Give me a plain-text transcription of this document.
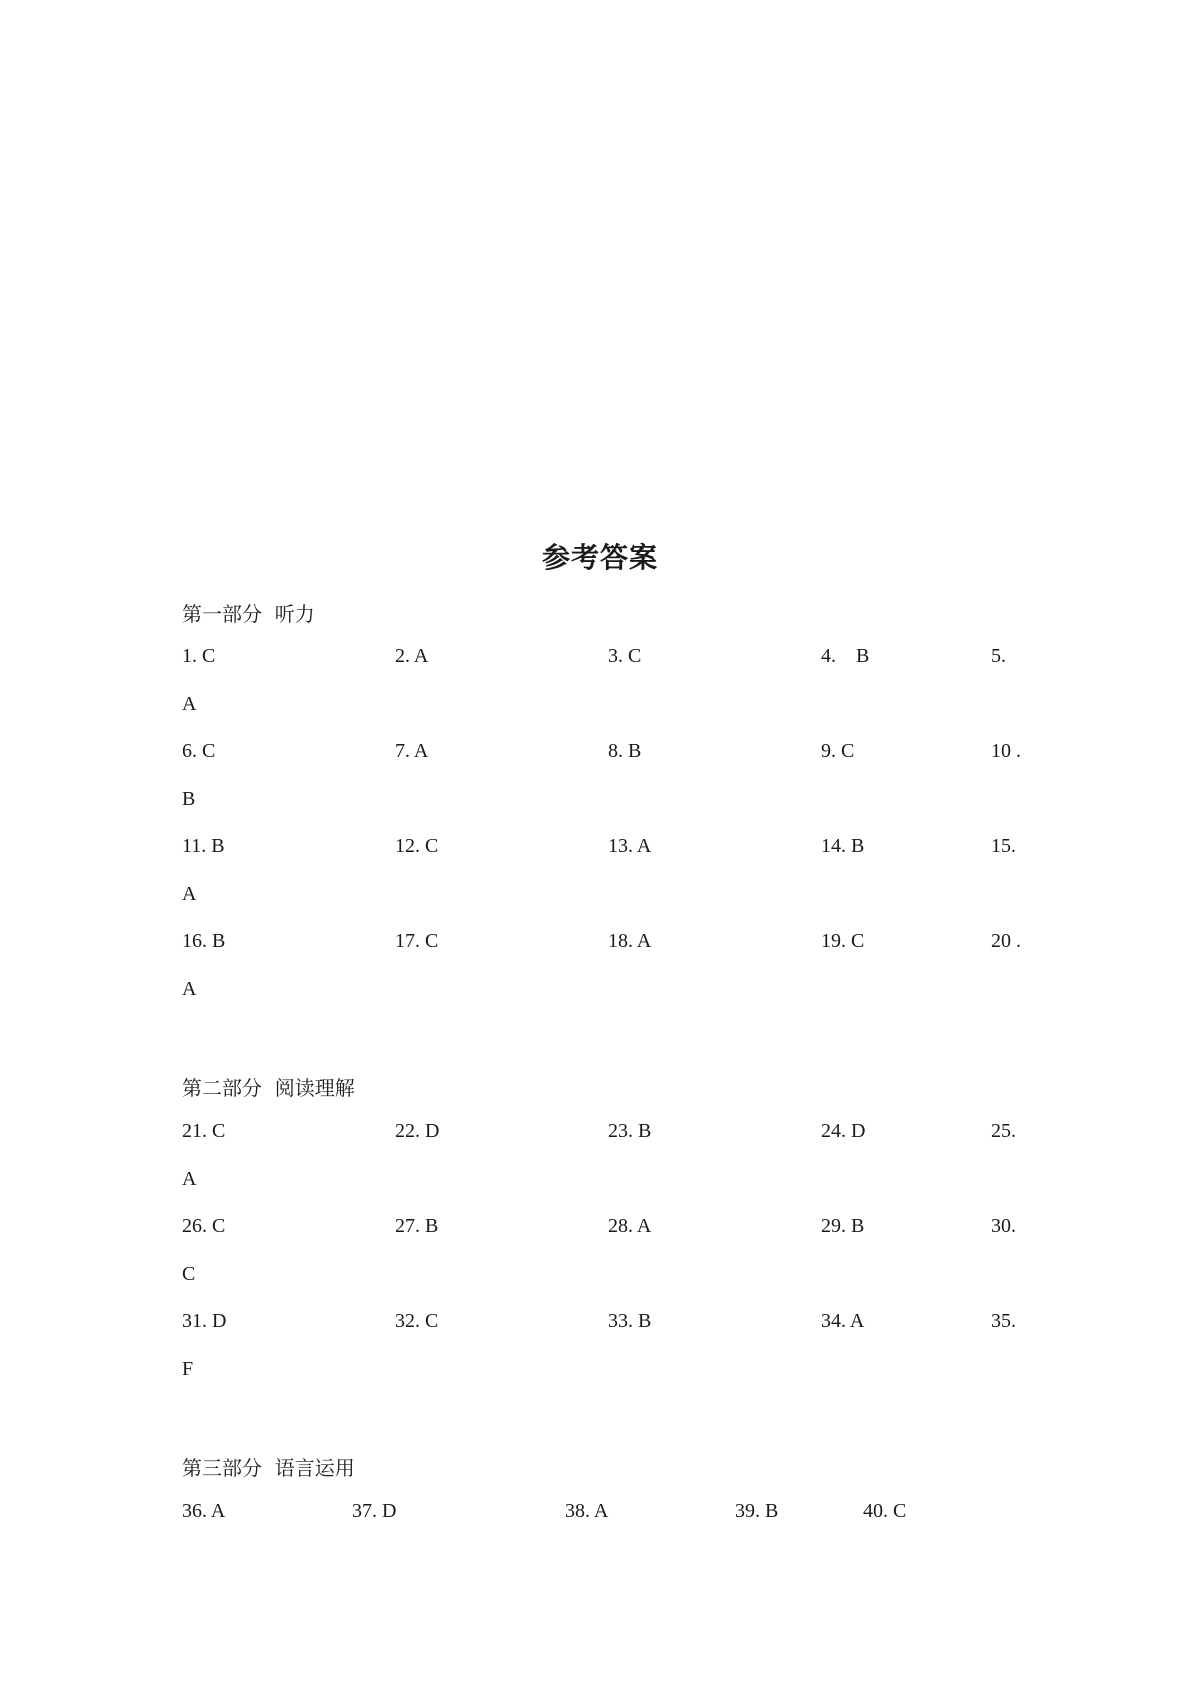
参考答案
第一部分  听力
1. C	2. A	3. C	4.    B	5.
A
6. C	7. A	8. B	9. C	10 .
B
11. B	12. C	13. A	14. B	15.
A
16. B	17. C	18. A	19. C	20 .
A
第二部分  阅读理解
21. C	22. D	23. B	24. D	25.
A
26. C	27. B	28. A	29. B	30.
C
31. D	32. C	33. B	34. A	35.
F
第三部分  语言运用
36. A	37. D	38. A	39. B	40. C
